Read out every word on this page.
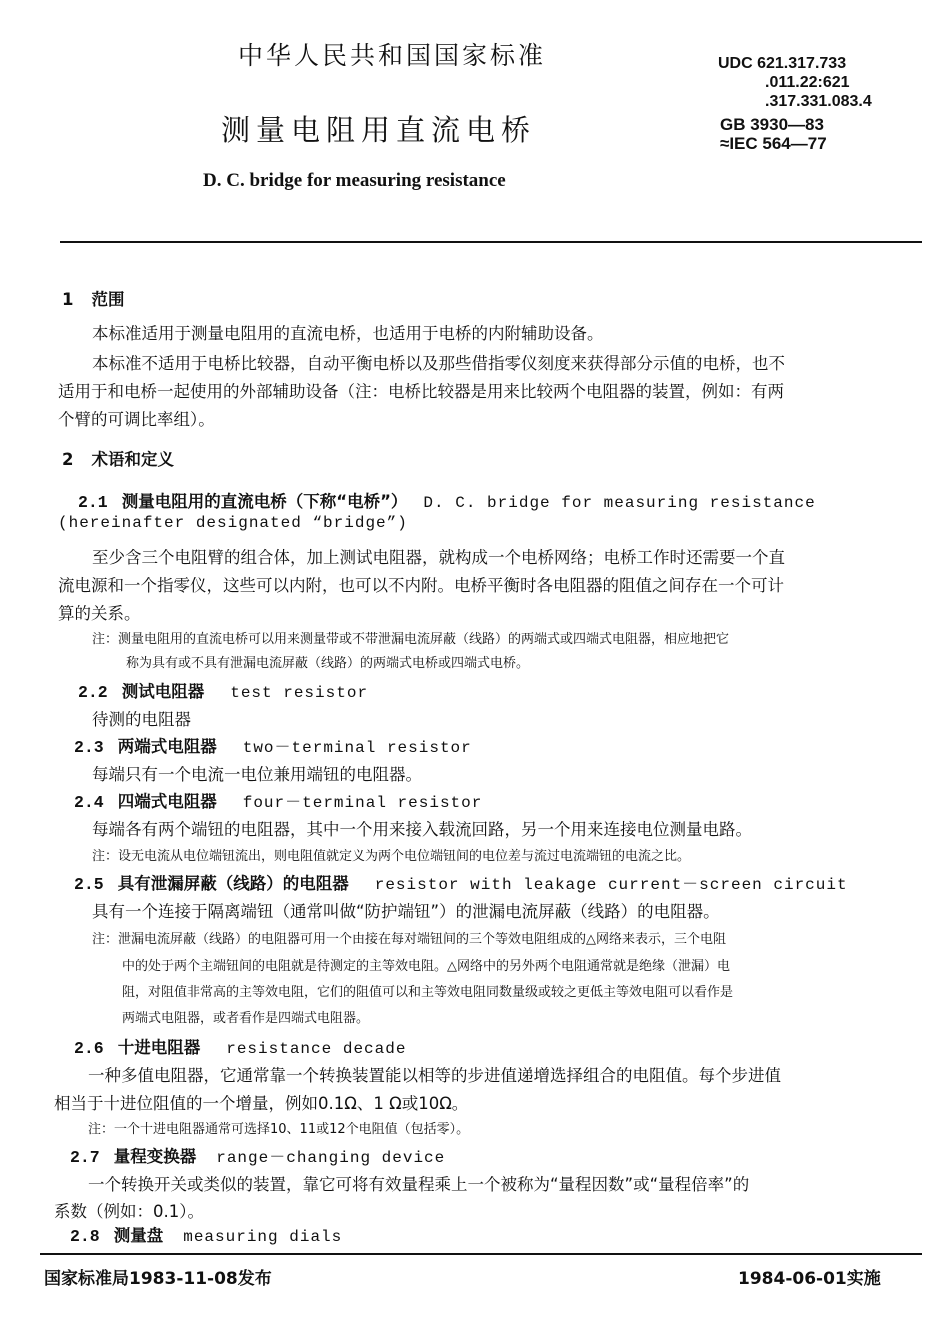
中华人民共和国国家标准	UDC 621.317.733
.011.22:621
.317.331.083.4
GB 3930—83
≈IEC 564—77
测量电阻用直流电桥
D. C. bridge for measuring resistance
1 范围
本标准适用于测量电阻用的直流电桥，也适用于电桥的内附辅助设备。
本标准不适用于电桥比较器，自动平衡电桥以及那些借指零仪刻度来获得部分示值的电桥，也不
适用于和电桥一起使用的外部辅助设备（注：电桥比较器是用来比较两个电阻器的装置，例如：有两
个臂的可调比率组）。
2 术语和定义
2.1 测量电阻用的直流电桥（下称“电桥”） D. C. bridge for measuring resistance
(hereinafter designated “bridge”)
至少含三个电阻臂的组合体，加上测试电阻器，就构成一个电桥网络；电桥工作时还需要一个直
流电源和一个指零仪，这些可以内附，也可以不内附。电桥平衡时各电阻器的阻值之间存在一个可计
算的关系。
注：测量电阻用的直流电桥可以用来测量带或不带泄漏电流屏蔽（线路）的两端式或四端式电阻器，相应地把它
称为具有或不具有泄漏电流屏蔽（线路）的两端式电桥或四端式电桥。
2.2 测试电阻器 test resistor
待测的电阻器
2.3 两端式电阻器 two－terminal resistor
每端只有一个电流一电位兼用端钮的电阻器。
2.4 四端式电阻器 four－terminal resistor
每端各有两个端钮的电阻器，其中一个用来接入载流回路，另一个用来连接电位测量电路。
注：设无电流从电位端钮流出，则电阻值就定义为两个电位端钮间的电位差与流过电流端钮的电流之比。
2.5 具有泄漏屏蔽（线路）的电阻器 resistor with leakage current－screen circuit
具有一个连接于隔离端钮（通常叫做“防护端钮”）的泄漏电流屏蔽（线路）的电阻器。
注：泄漏电流屏蔽（线路）的电阻器可用一个由接在每对端钮间的三个等效电阻组成的△网络来表示，三个电阻
中的处于两个主端钮间的电阻就是待测定的主等效电阻。△网络中的另外两个电阻通常就是绝缘（泄漏）电
阻，对阻值非常高的主等效电阻，它们的阻值可以和主等效电阻同数量级或较之更低主等效电阻可以看作是
两端式电阻器，或者看作是四端式电阻器。
2.6 十进电阻器 resistance decade
一种多值电阻器，它通常靠一个转换装置能以相等的步进值递增选择组合的电阻值。每个步进值
相当于十进位阻值的一个增量，例如0.1Ω、1 Ω或10Ω。
注：一个十进电阻器通常可选择10、11或12个电阻值（包括零）。
2.7 量程变换器 range－changing device
一个转换开关或类似的装置，靠它可将有效量程乘上一个被称为“量程因数”或“量程倍率”的
系数（例如：0.1）。
2.8 测量盘 measuring dials
国家标准局1983-11-08发布	1984-06-01实施
